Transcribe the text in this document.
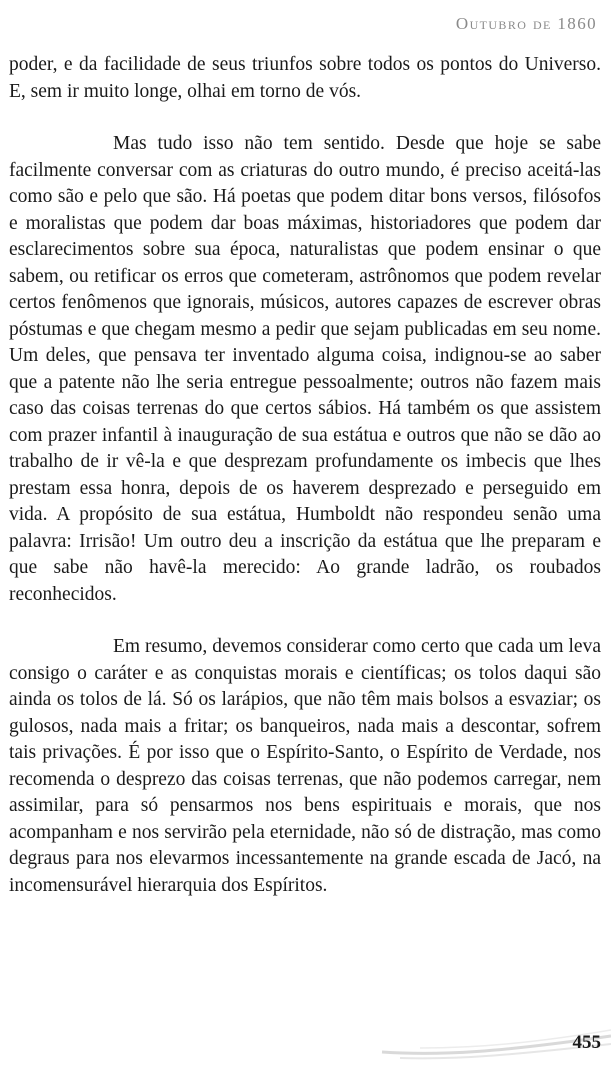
Outubro de 1860

poder, e da facilidade de seus triunfos sobre todos os pontos do Universo. E, sem ir muito longe, olhai em torno de vós.

Mas tudo isso não tem sentido. Desde que hoje se sabe facilmente conversar com as criaturas do outro mundo, é preciso aceitá-las como são e pelo que são. Há poetas que podem ditar bons versos, filósofos e moralistas que podem dar boas máximas, historiadores que podem dar esclarecimentos sobre sua época, naturalistas que podem ensinar o que sabem, ou retificar os erros que cometeram, astrônomos que podem revelar certos fenômenos que ignorais, músicos, autores capazes de escrever obras póstumas e que chegam mesmo a pedir que sejam publicadas em seu nome. Um deles, que pensava ter inventado alguma coisa, indignou-se ao saber que a patente não lhe seria entregue pessoalmente; outros não fazem mais caso das coisas terrenas do que certos sábios. Há também os que assistem com prazer infantil à inauguração de sua estátua e outros que não se dão ao trabalho de ir vê-la e que desprezam profundamente os imbecis que lhes prestam essa honra, depois de os haverem desprezado e perseguido em vida. A propósito de sua estátua, Humboldt não respondeu senão uma palavra: Irrisão! Um outro deu a inscrição da estátua que lhe preparam e que sabe não havê-la merecido: Ao grande ladrão, os roubados reconhecidos.

Em resumo, devemos considerar como certo que cada um leva consigo o caráter e as conquistas morais e científicas; os tolos daqui são ainda os tolos de lá. Só os larápios, que não têm mais bolsos a esvaziar; os gulosos, nada mais a fritar; os banqueiros, nada mais a descontar, sofrem tais privações. É por isso que o Espírito-Santo, o Espírito de Verdade, nos recomenda o desprezo das coisas terrenas, que não podemos carregar, nem assimilar, para só pensarmos nos bens espirituais e morais, que nos acompanham e nos servirão pela eternidade, não só de distração, mas como degraus para nos elevarmos incessantemente na grande escada de Jacó, na incomensurável hierarquia dos Espíritos.

455
